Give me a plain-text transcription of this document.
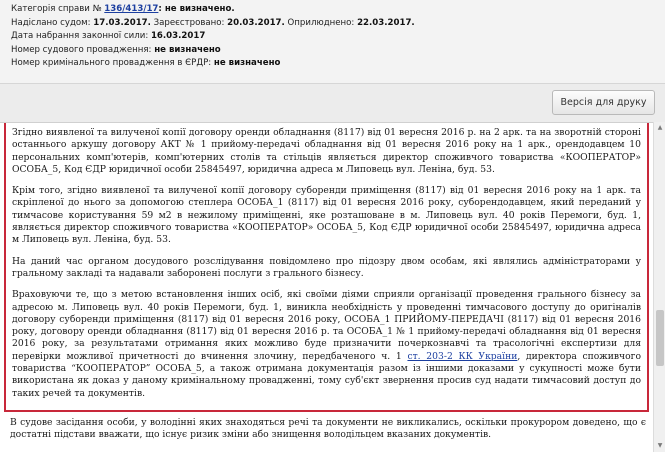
Категорія справи № 136/413/17: не визначено.
Надіслано судом: 17.03.2017. Зареєстровано: 20.03.2017. Оприлюднено: 22.03.2017.
Дата набрання законної сили: 16.03.2017
Номер судового провадження: не визначено
Номер кримінального провадження в ЄРДР: не визначено
Версія для друку

Згідно виявленої та вилученої копії договору оренди обладнання (8117) від 01 вересня 2016 р. на 2 арк. та на зворотній стороні останнього аркушу договору АКТ № 1 прийому-передачі обладнання від 01 вересня 2016 року на 1 арк., орендодавцем 10 персональних комп'ютерів, комп'ютерних столів та стільців являється директор споживчого товариства «КООПЕРАТОР» ОСОБА_5, Код ЄДР юридичної особи 25845497, юридична адреса м Липовець вул. Леніна, буд. 53.

Крім того, згідно виявленої та вилученої копії договору суборенди приміщення (8117) від 01 вересня 2016 року на 1 арк. та скріпленої до нього за допомогою степлера ОСОБА_1 (8117) від 01 вересня 2016 року, суборендодавцем, який переданий у тимчасове користування 59 м2 в нежилому приміщенні, яке розташоване в м. Липовець вул. 40 років Перемоги, буд. 1, являється директор споживчого товариства «КООПЕРАТОР» ОСОБА_5, Код ЄДР юридичної особи 25845497, юридична адреса м Липовець вул. Леніна, буд. 53.

На даний час органом досудового розслідування повідомлено про підозру двом особам, які являлись адміністраторами у гральному закладі та надавали заборонені послуги з грального бізнесу.

Враховуючи те, що з метою встановлення інших осіб, які своїми діями сприяли організації проведення грального бізнесу за адресою м. Липовець вул. 40 років Перемоги, буд. 1, виникла необхідність у проведенні тимчасового доступу до оригіналів договору суборенди приміщення (8117) від 01 вересня 2016 року, ОСОБА_1 ПРИЙОМУ-ПЕРЕДАЧІ (8117) від 01 вересня 2016 року, договору оренди обладнання (8117) від 01 вересня 2016 р. та ОСОБА_1 № 1 прийому-передачі обладнання від 01 вересня 2016 року, за результатами отримання яких можливо буде призначити почеркознавчі та трасологічні експертизи для перевірки можливої причетності до вчинення злочину, передбаченого ч. 1 ст. 203-2 КК України, директора споживчого товариства “КООПЕРАТОР” ОСОБА_5, а також отримана документація разом із іншими доказами у сукупності може бути використана як доказ у даному кримінальному провадженні, тому суб'єкт звернення просив суд надати тимчасовий доступ до таких речей та документів.

В судове засідання особи, у володінні яких знаходяться речі та документи не викликались, оскільки прокурором доведено, що є достатні підстави вважати, що існує ризик зміни або знищення володільцем вказаних документів.

▲
▼
